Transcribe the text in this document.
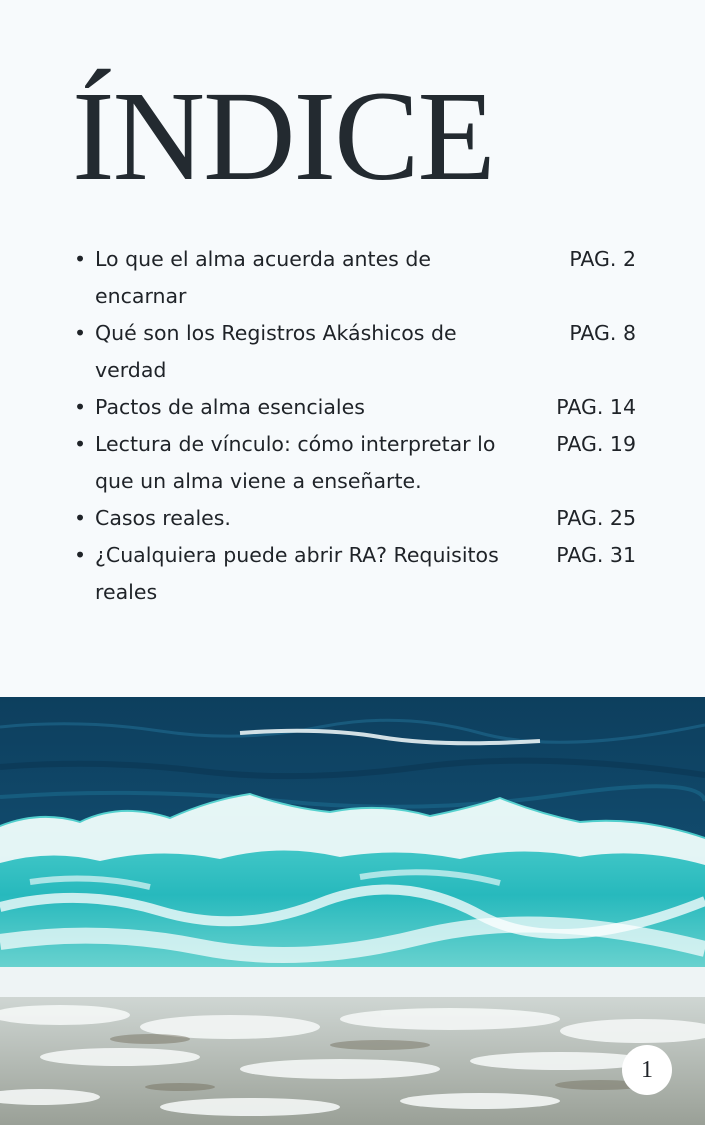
ÍNDICE
• Lo que el alma acuerda antes de encarnar
PAG. 2
• Qué son los Registros Akáshicos de verdad
PAG. 8
• Pactos de alma esenciales	PAG. 14
• Lectura de vínculo: cómo interpretar lo que un alma viene a enseñarte.
PAG. 19
• Casos reales.	PAG. 25
• ¿Cualquiera puede abrir RA? Requisitos reales
PAG. 31
1
